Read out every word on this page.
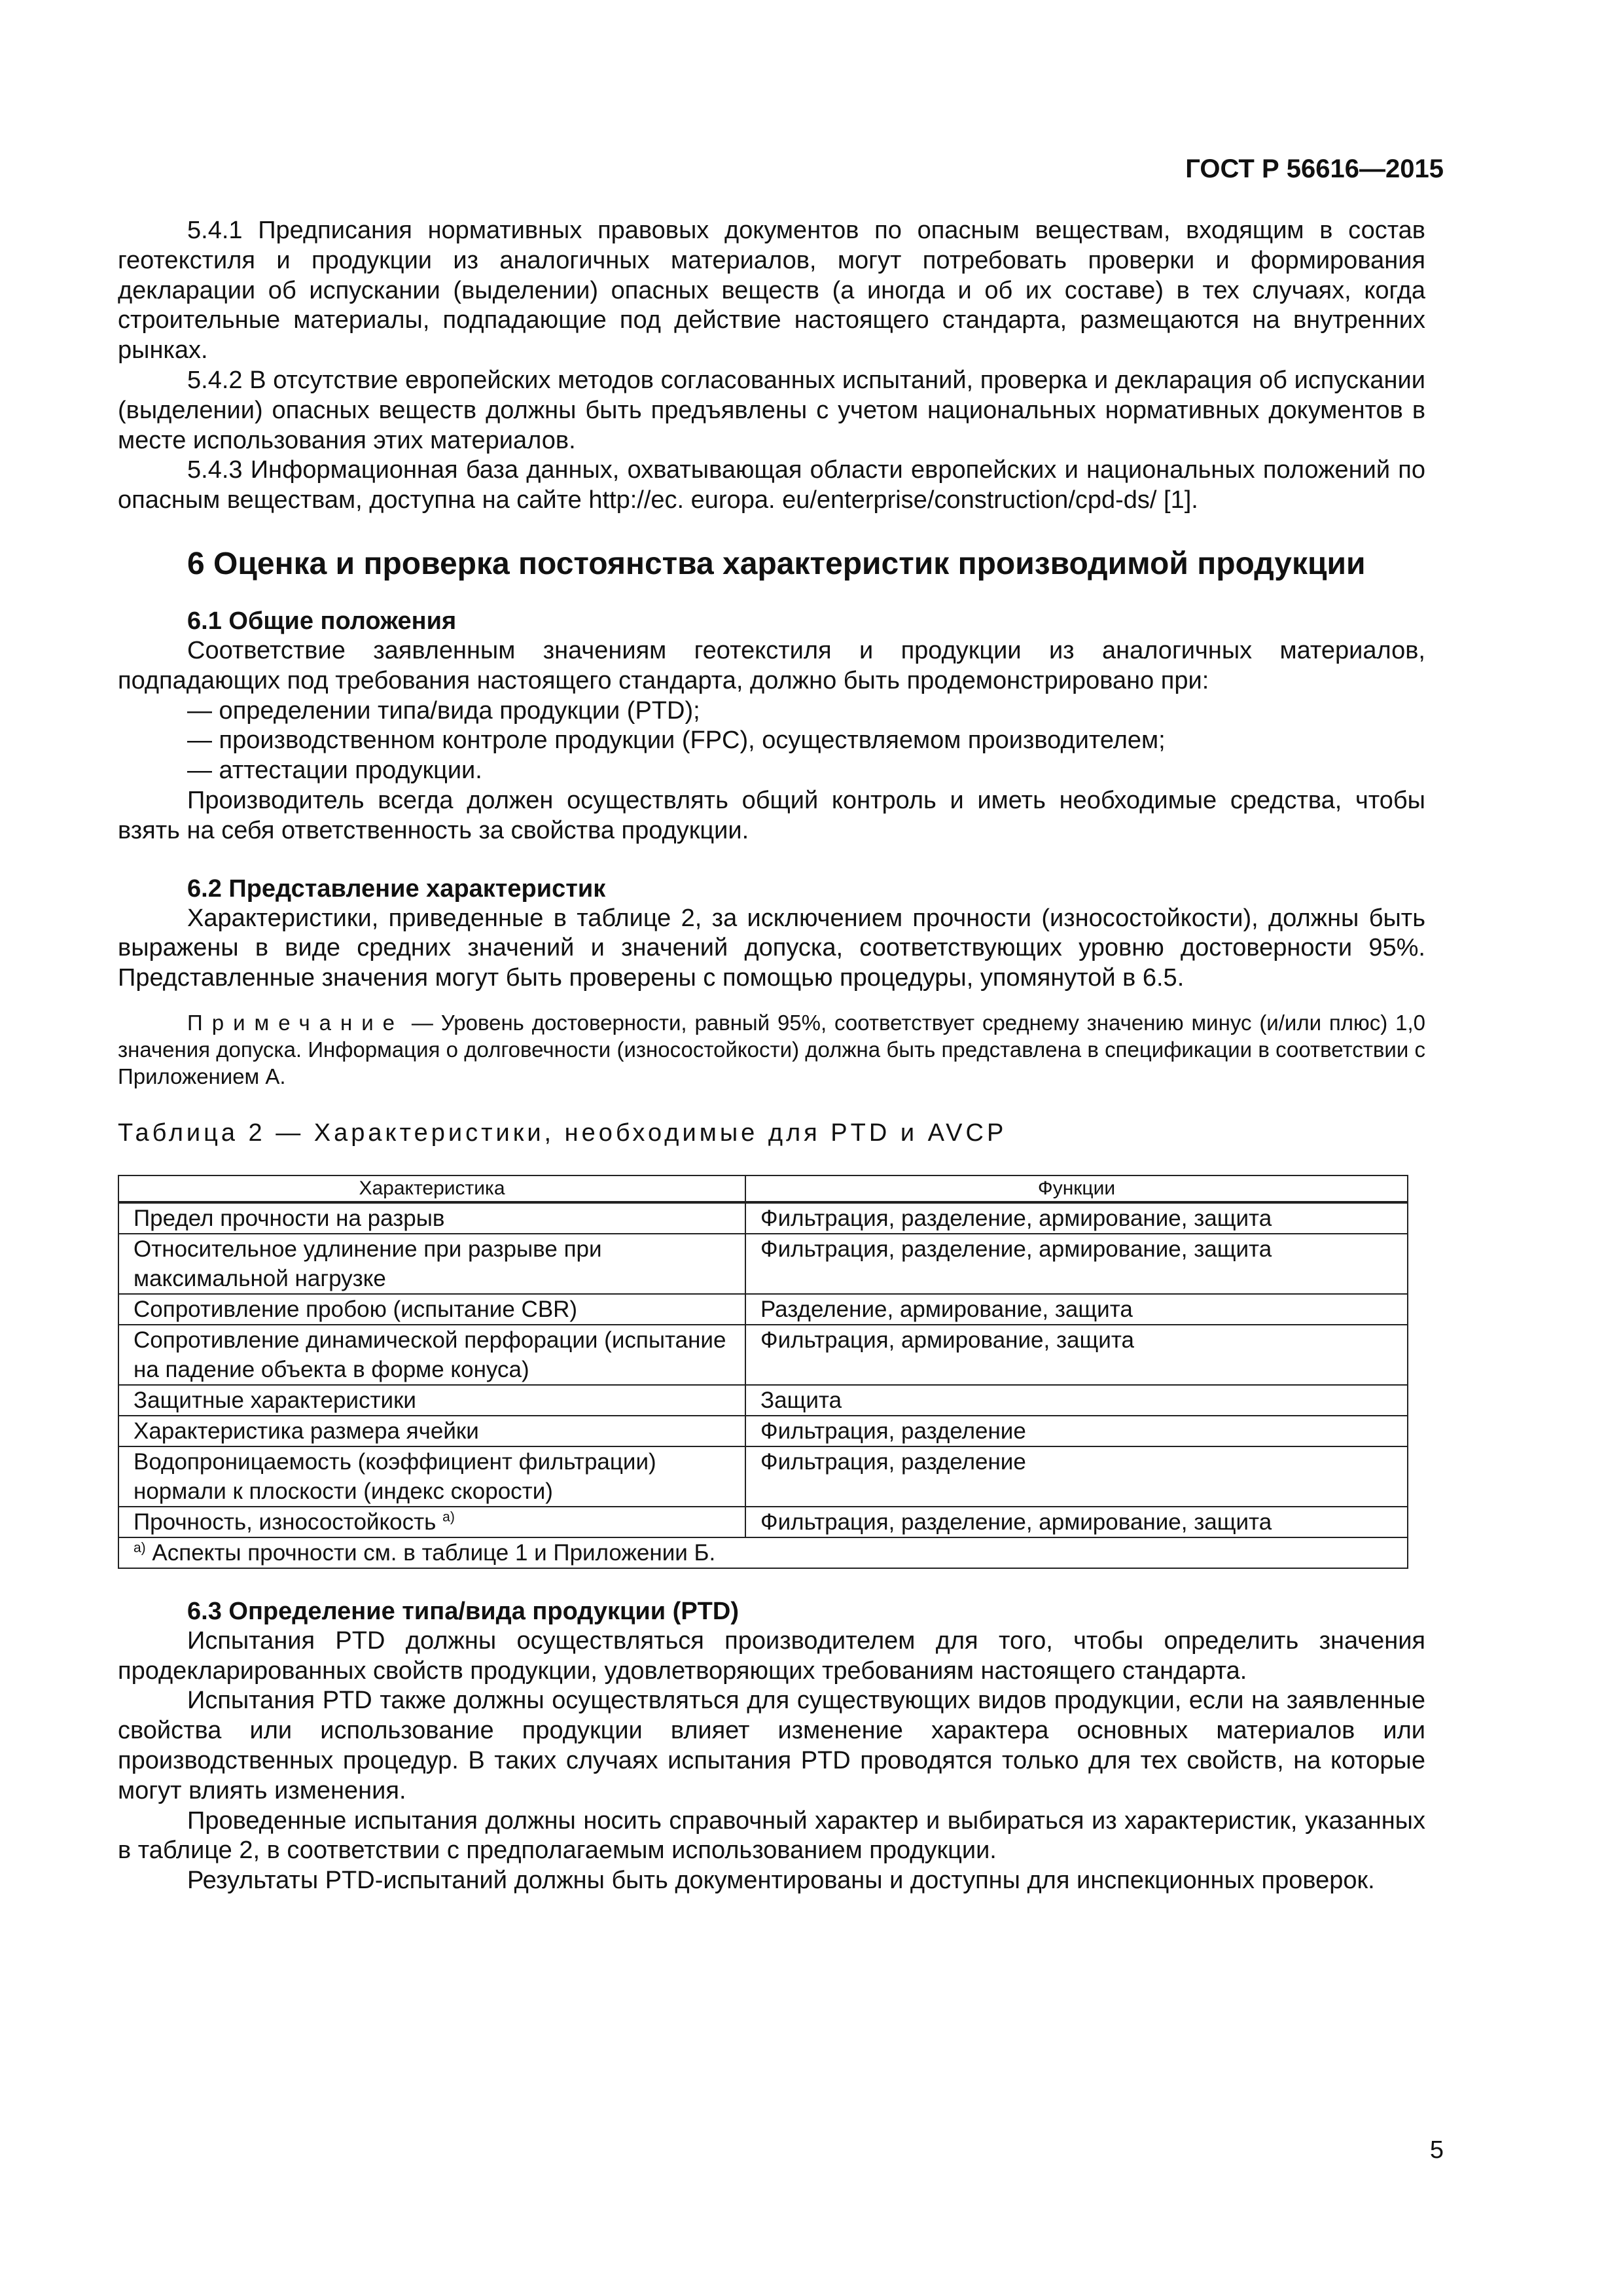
ГОСТ Р 56616—2015

5.4.1 Предписания нормативных правовых документов по опасным веществам, входящим в состав геотекстиля и продукции из аналогичных материалов, могут потребовать проверки и формирования декларации об испускании (выделении) опасных веществ (а иногда и об их составе) в тех случаях, когда строительные материалы, подпадающие под действие настоящего стандарта, размещаются на внутренних рынках.

5.4.2 В отсутствие европейских методов согласованных испытаний, проверка и декларация об испускании (выделении) опасных веществ должны быть предъявлены с учетом национальных нормативных документов в месте использования этих материалов.

5.4.3 Информационная база данных, охватывающая области европейских и национальных положений по опасным веществам, доступна на сайте http://ec. europa. eu/enterprise/construction/cpd-ds/ [1].

6 Оценка и проверка постоянства характеристик производимой продукции
6.1 Общие положения

Соответствие заявленным значениям геотекстиля и продукции из аналогичных материалов, подпадающих под требования настоящего стандарта, должно быть продемонстрировано при:

— определении типа/вида продукции (PTD);

— производственном контроле продукции (FPC), осуществляемом производителем;

— аттестации продукции.

Производитель всегда должен осуществлять общий контроль и иметь необходимые средства, чтобы взять на себя ответственность за свойства продукции.

6.2 Представление характеристик

Характеристики, приведенные в таблице 2, за исключением прочности (износостойкости), должны быть выражены в виде средних значений и значений допуска, соответствующих уровню достоверности 95%. Представленные значения могут быть проверены с помощью процедуры, упомянутой в 6.5.

Примечание — Уровень достоверности, равный 95%, соответствует среднему значению минус (и/или плюс) 1,0 значения допуска. Информация о долговечности (износостойкости) должна быть представлена в спецификации в соответствии с Приложением А.

Таблица 2 — Характеристики, необходимые для PTD и AVCP
Характеристика	Функции
Предел прочности на разрыв	Фильтрация, разделение, армирование, защита
Относительное удлинение при разрыве при максимальной нагрузке	Фильтрация, разделение, армирование, защита
Сопротивление пробою (испытание CBR)	Разделение, армирование, защита
Сопротивление динамической перфорации (испытание на падение объекта в форме конуса)	Фильтрация, армирование, защита
Защитные характеристики	Защита
Характеристика размера ячейки	Фильтрация, разделение
Водопроницаемость (коэффициент фильтрации) нормали к плоскости (индекс скорости)	Фильтрация, разделение
Прочность, износостойкость $^{а)}$	Фильтрация, разделение, армирование, защита
$^{а)}$ Аспекты прочности см. в таблице 1 и Приложении Б.	
6.3 Определение типа/вида продукции (PTD)

Испытания PTD должны осуществляться производителем для того, чтобы определить значения продекларированных свойств продукции, удовлетворяющих требованиям настоящего стандарта.

Испытания PTD также должны осуществляться для существующих видов продукции, если на заявленные свойства или использование продукции влияет изменение характера основных материалов или производственных процедур. В таких случаях испытания PTD проводятся только для тех свойств, на которые могут влиять изменения.

Проведенные испытания должны носить справочный характер и выбираться из характеристик, указанных в таблице 2, в соответствии с предполагаемым использованием продукции.

Результаты PTD-испытаний должны быть документированы и доступны для инспекционных проверок.

5
